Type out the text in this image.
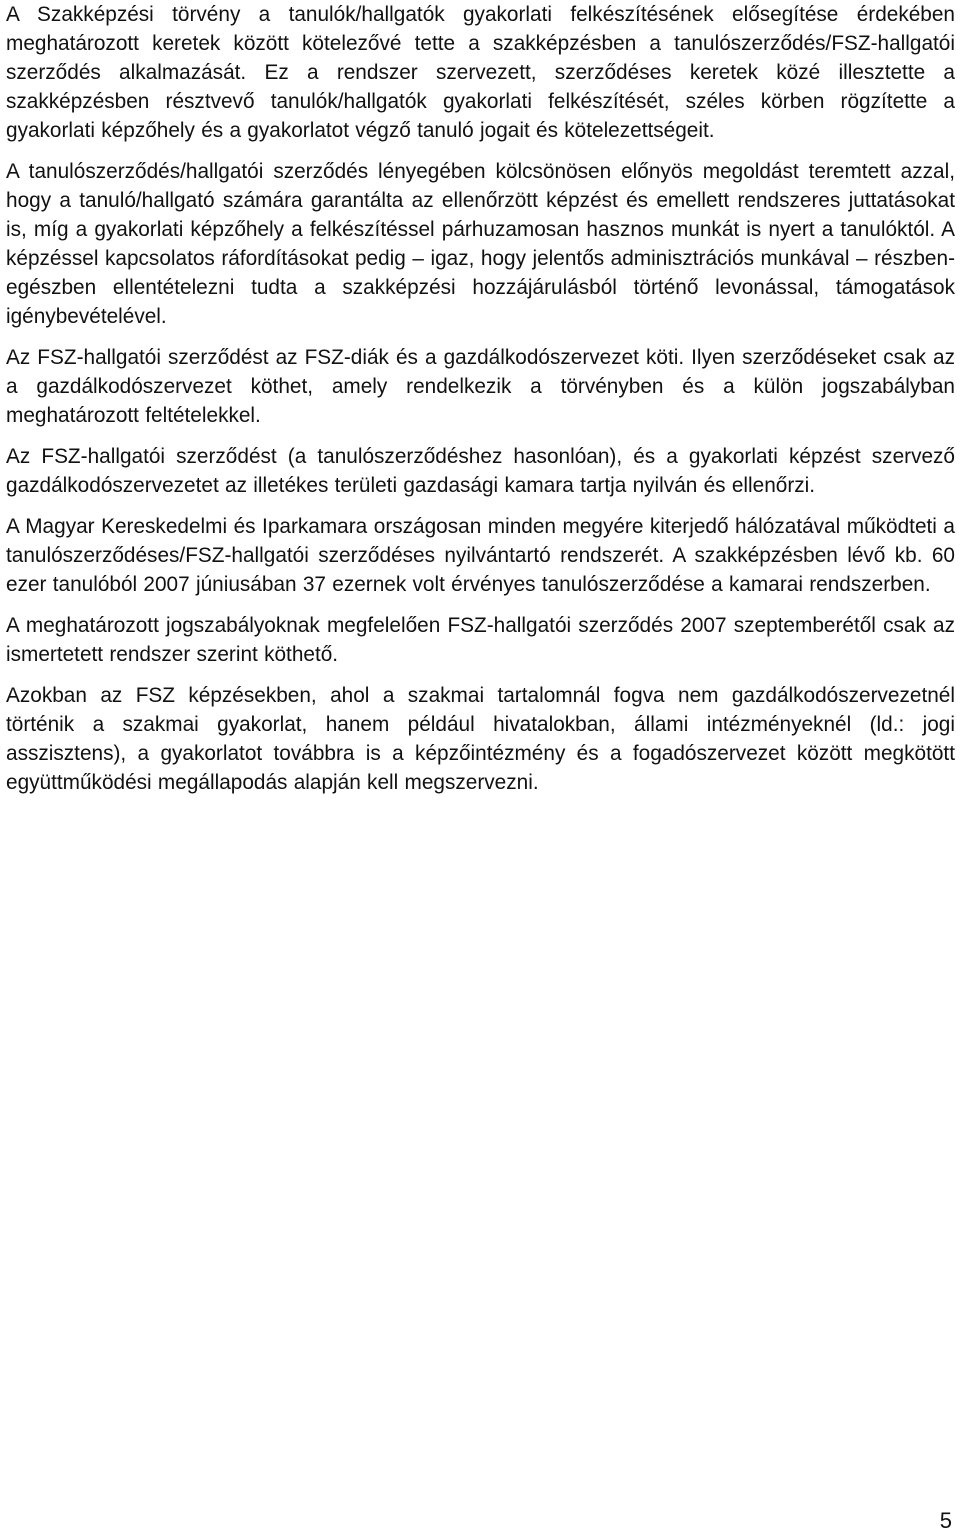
A Szakképzési törvény a tanulók/hallgatók gyakorlati felkészítésének elősegítése érdekében meghatározott keretek között kötelezővé tette a szakképzésben a tanulószerződés/FSZ-hallgatói szerződés alkalmazását. Ez a rendszer szervezett, szerződéses keretek közé illesztette a szakképzésben résztvevő tanulók/hallgatók gyakorlati felkészítését, széles körben rögzítette a gyakorlati képzőhely és a gyakorlatot végző tanuló jogait és kötelezettségeit.

A tanulószerződés/hallgatói szerződés lényegében kölcsönösen előnyös megoldást teremtett azzal, hogy a tanuló/hallgató számára garantálta az ellenőrzött képzést és emellett rendszeres juttatásokat is, míg a gyakorlati képzőhely a felkészítéssel párhuzamosan hasznos munkát is nyert a tanulóktól. A képzéssel kapcsolatos ráfordításokat pedig – igaz, hogy jelentős adminisztrációs munkával – részben-egészben ellentételezni tudta a szakképzési hozzájárulásból történő levonással, támogatások igénybevételével.

Az FSZ-hallgatói szerződést az FSZ-diák és a gazdálkodószervezet köti. Ilyen szerződéseket csak az a gazdálkodószervezet köthet, amely rendelkezik a törvényben és a külön jogszabályban meghatározott feltételekkel.

Az FSZ-hallgatói szerződést (a tanulószerződéshez hasonlóan), és a gyakorlati képzést szervező gazdálkodószervezetet az illetékes területi gazdasági kamara tartja nyilván és ellenőrzi.

A Magyar Kereskedelmi és Iparkamara országosan minden megyére kiterjedő hálózatával működteti a tanulószerződéses/FSZ-hallgatói szerződéses nyilvántartó rendszerét. A szakképzésben lévő kb. 60 ezer tanulóból 2007 júniusában 37 ezernek volt érvényes tanulószerződése a kamarai rendszerben.

A meghatározott jogszabályoknak megfelelően FSZ-hallgatói szerződés 2007 szeptemberétől csak az ismertetett rendszer szerint köthető.

Azokban az FSZ képzésekben, ahol a szakmai tartalomnál fogva nem gazdálkodószervezetnél történik a szakmai gyakorlat, hanem például hivatalokban, állami intézményeknél (ld.: jogi asszisztens), a gyakorlatot továbbra is a képzőintézmény és a fogadószervezet között megkötött együttműködési megállapodás alapján kell megszervezni.

5
